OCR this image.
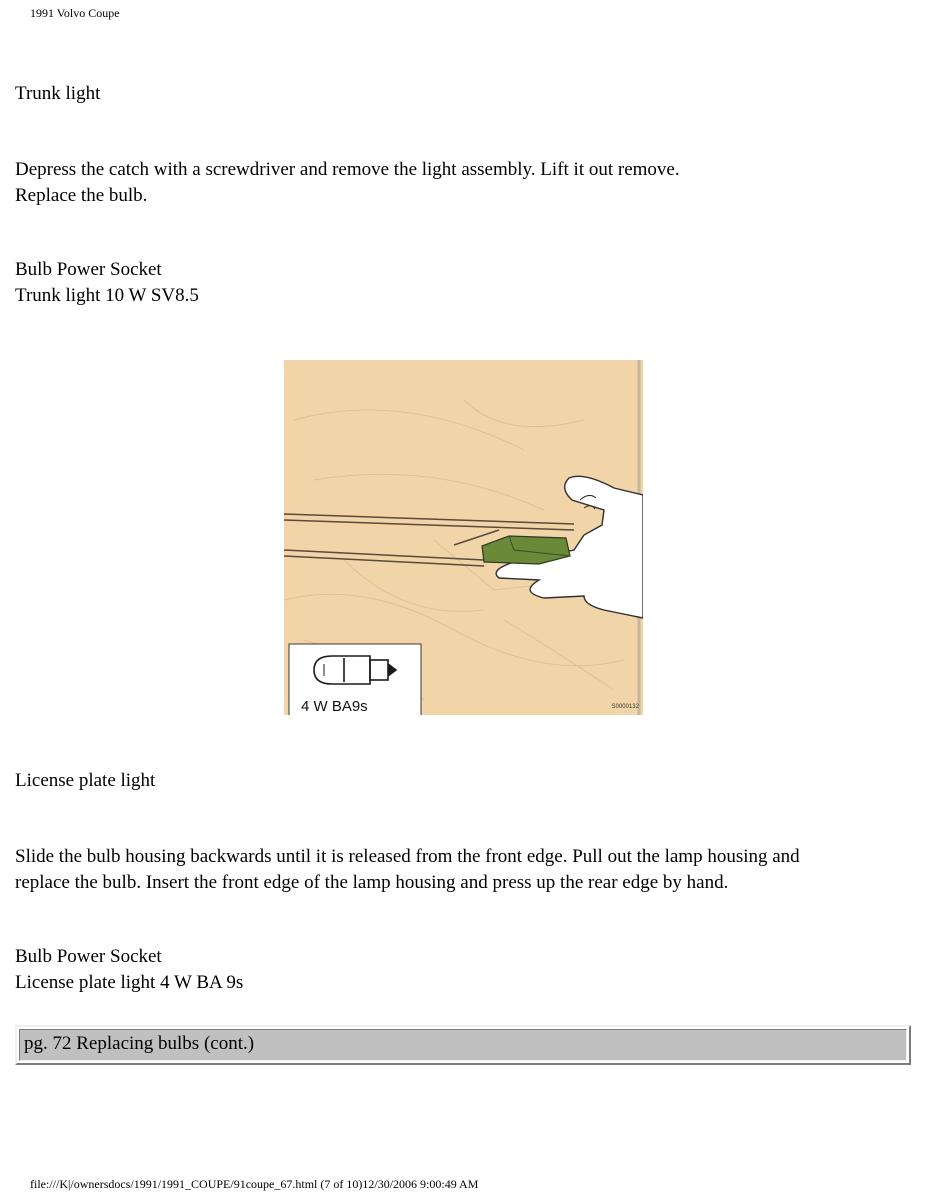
1991 Volvo Coupe

Trunk light

Depress the catch with a screwdriver and remove the light assembly. Lift it out remove.
Replace the bulb.

Bulb Power Socket
Trunk light 10 W SV8.5

4 W BA9s	S0000132

License plate light

Slide the bulb housing backwards until it is released from the front edge. Pull out the lamp housing and
replace the bulb. Insert the front edge of the lamp housing and press up the rear edge by hand.

Bulb Power Socket
License plate light 4 W BA 9s

pg. 72 Replacing bulbs (cont.)
file:///K|/ownersdocs/1991/1991_COUPE/91coupe_67.html (7 of 10)12/30/2006 9:00:49 AM
